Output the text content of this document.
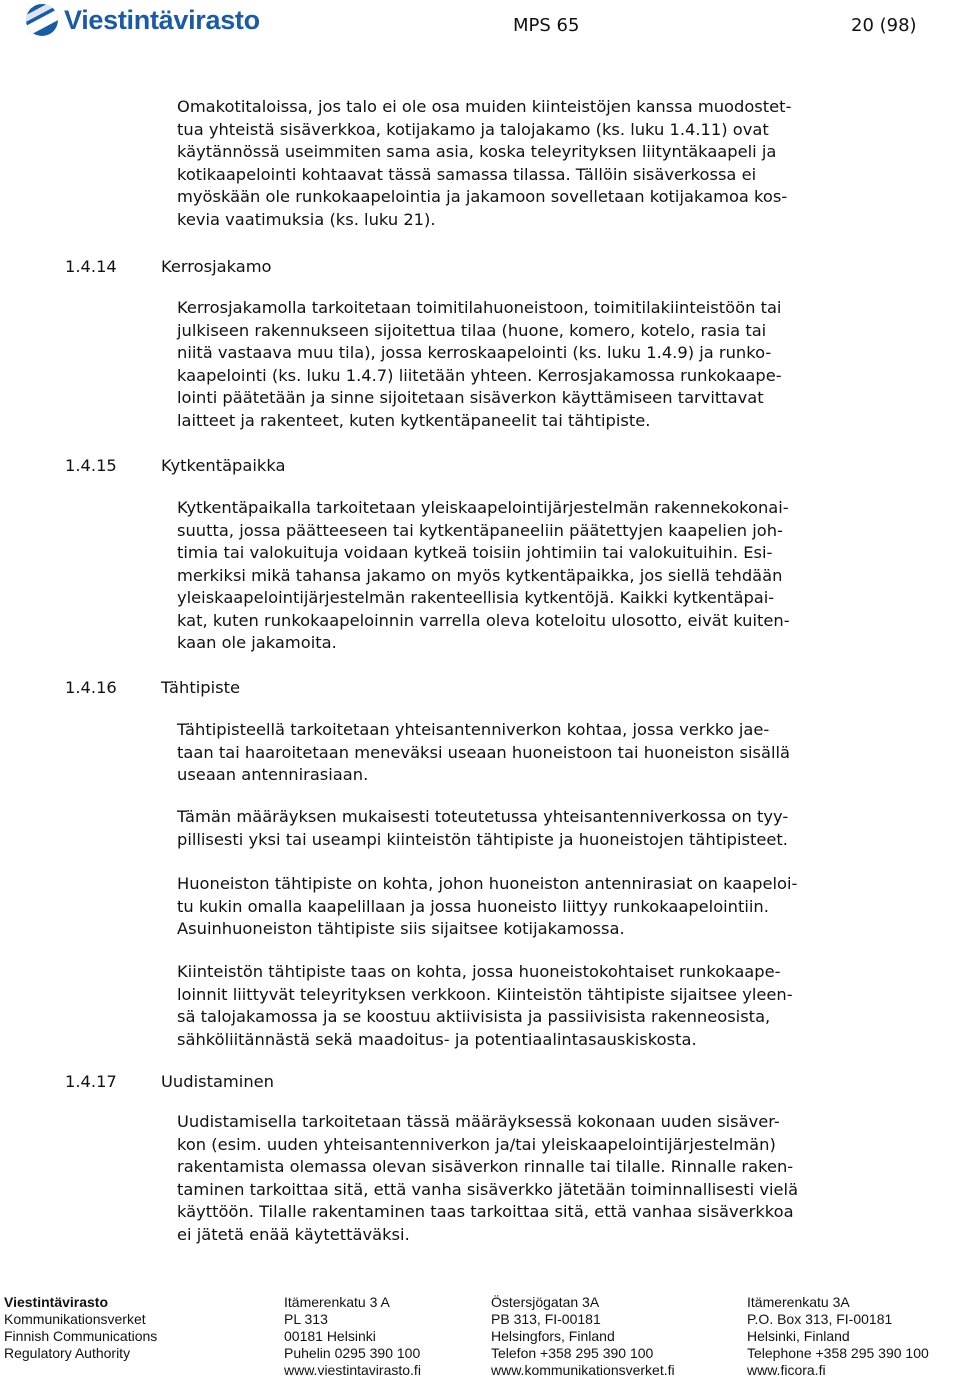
Viestintävirasto	MPS 65	20 (98)

Omakotitaloissa, jos talo ei ole osa muiden kiinteistöjen kanssa muodostet-
tua yhteistä sisäverkkoa, kotijakamo ja talojakamo (ks. luku 1.4.11) ovat
käytännössä useimmiten sama asia, koska teleyrityksen liityntäkaapeli ja
kotikaapelointi kohtaavat tässä samassa tilassa. Tällöin sisäverkossa ei
myöskään ole runkokaapelointia ja jakamoon sovelletaan kotijakamoa kos-
kevia vaatimuksia (ks. luku 21).

1.4.14	Kerrosjakamo

Kerrosjakamolla tarkoitetaan toimitilahuoneistoon, toimitilakiinteistöön tai
julkiseen rakennukseen sijoitettua tilaa (huone, komero, kotelo, rasia tai
niitä vastaava muu tila), jossa kerroskaapelointi (ks. luku 1.4.9) ja runko-
kaapelointi (ks. luku 1.4.7) liitetään yhteen. Kerrosjakamossa runkokaape-
lointi päätetään ja sinne sijoitetaan sisäverkon käyttämiseen tarvittavat
laitteet ja rakenteet, kuten kytkentäpaneelit tai tähtipiste.

1.4.15	Kytkentäpaikka

Kytkentäpaikalla tarkoitetaan yleiskaapelointijärjestelmän rakennekokonai-
suutta, jossa päätteeseen tai kytkentäpaneeliin päätettyjen kaapelien joh-
timia tai valokuituja voidaan kytkeä toisiin johtimiin tai valokuituihin. Esi-
merkiksi mikä tahansa jakamo on myös kytkentäpaikka, jos siellä tehdään
yleiskaapelointijärjestelmän rakenteellisia kytkentöjä. Kaikki kytkentäpai-
kat, kuten runkokaapeloinnin varrella oleva koteloitu ulosotto, eivät kuiten-
kaan ole jakamoita.

1.4.16	Tähtipiste

Tähtipisteellä tarkoitetaan yhteisantenniverkon kohtaa, jossa verkko jae-
taan tai haaroitetaan meneväksi useaan huoneistoon tai huoneiston sisällä
useaan antennirasiaan.

Tämän määräyksen mukaisesti toteutetussa yhteisantenniverkossa on tyy-
pillisesti yksi tai useampi kiinteistön tähtipiste ja huoneistojen tähtipisteet.

Huoneiston tähtipiste on kohta, johon huoneiston antennirasiat on kaapeloi-
tu kukin omalla kaapelillaan ja jossa huoneisto liittyy runkokaapelointiin.
Asuinhuoneiston tähtipiste siis sijaitsee kotijakamossa.

Kiinteistön tähtipiste taas on kohta, jossa huoneistokohtaiset runkokaape-
loinnit liittyvät teleyrityksen verkkoon. Kiinteistön tähtipiste sijaitsee yleen-
sä talojakamossa ja se koostuu aktiivisista ja passiivisista rakenneosista,
sähköliitännästä sekä maadoitus- ja potentiaalintasauskiskosta.

1.4.17	Uudistaminen

Uudistamisella tarkoitetaan tässä määräyksessä kokonaan uuden sisäver-
kon (esim. uuden yhteisantenniverkon ja/tai yleiskaapelointijärjestelmän)
rakentamista olemassa olevan sisäverkon rinnalle tai tilalle. Rinnalle raken-
taminen tarkoittaa sitä, että vanha sisäverkko jätetään toiminnallisesti vielä
käyttöön. Tilalle rakentaminen taas tarkoittaa sitä, että vanhaa sisäverkkoa
ei jätetä enää käytettäväksi.

Viestintävirasto
Kommunikationsverket
Finnish Communications
Regulatory Authority
Itämerenkatu 3 A
PL 313
00181 Helsinki
Puhelin 0295 390 100
www.viestintavirasto.fi
Östersjögatan 3A
PB 313, FI-00181
Helsingfors, Finland
Telefon +358 295 390 100
www.kommunikationsverket.fi
Itämerenkatu 3A
P.O. Box 313, FI-00181
Helsinki, Finland
Telephone +358 295 390 100
www.ficora.fi
